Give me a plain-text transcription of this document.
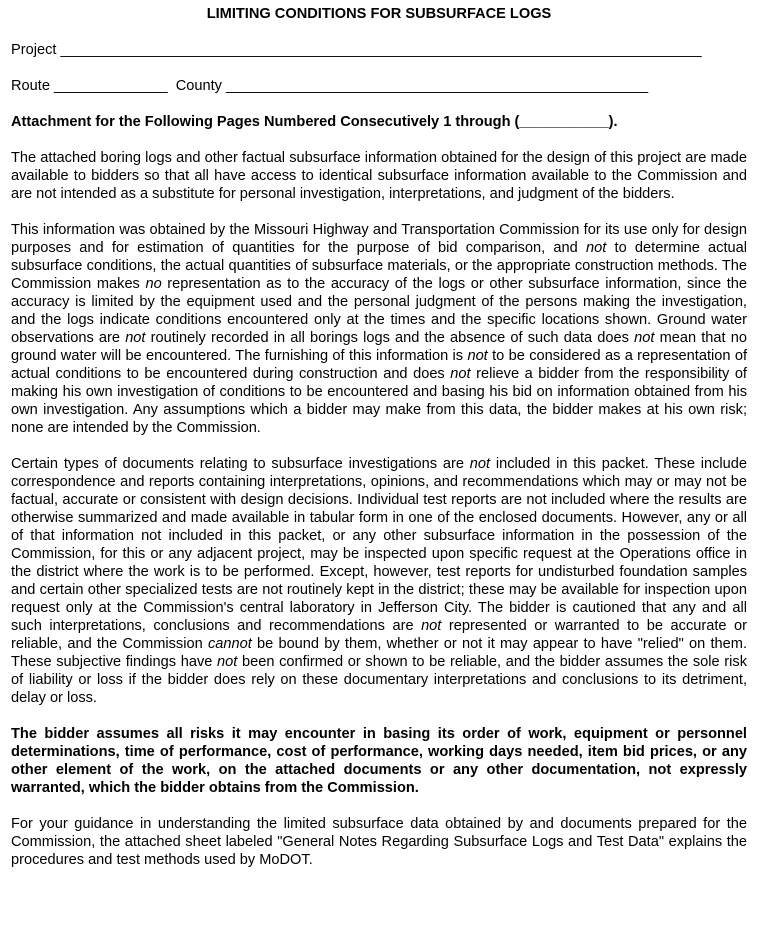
LIMITING CONDITIONS FOR SUBSURFACE LOGS
Project _______________________________________________________________________________
Route ______________  County ____________________________________________________
Attachment for the Following Pages Numbered Consecutively 1 through (___________).

The attached boring logs and other factual subsurface information obtained for the design of this project are made available to bidders so that all have access to identical subsurface information available to the Commission and are not intended as a substitute for personal investigation, interpretations, and judgment of the bidders.

This information was obtained by the Missouri Highway and Transportation Commission for its use only for design purposes and for estimation of quantities for the purpose of bid comparison, and not to determine actual subsurface conditions, the actual quantities of subsurface materials, or the appropriate construction methods. The Commission makes no representation as to the accuracy of the logs or other subsurface information, since the accuracy is limited by the equipment used and the personal judgment of the persons making the investigation, and the logs indicate conditions encountered only at the times and the specific locations shown. Ground water observations are not routinely recorded in all borings logs and the absence of such data does not mean that no ground water will be encountered. The furnishing of this information is not to be considered as a representation of actual conditions to be encountered during construction and does not relieve a bidder from the responsibility of making his own investigation of conditions to be encountered and basing his bid on information obtained from his own investigation. Any assumptions which a bidder may make from this data, the bidder makes at his own risk; none are intended by the Commission.

Certain types of documents relating to subsurface investigations are not included in this packet. These include correspondence and reports containing interpretations, opinions, and recommendations which may or may not be factual, accurate or consistent with design decisions. Individual test reports are not included where the results are otherwise summarized and made available in tabular form in one of the enclosed documents. However, any or all of that information not included in this packet, or any other subsurface information in the possession of the Commission, for this or any adjacent project, may be inspected upon specific request at the Operations office in the district where the work is to be performed. Except, however, test reports for undisturbed foundation samples and certain other specialized tests are not routinely kept in the district; these may be available for inspection upon request only at the Commission's central laboratory in Jefferson City. The bidder is cautioned that any and all such interpretations, conclusions and recommendations are not represented or warranted to be accurate or reliable, and the Commission cannot be bound by them, whether or not it may appear to have "relied" on them. These subjective findings have not been confirmed or shown to be reliable, and the bidder assumes the sole risk of liability or loss if the bidder does rely on these documentary interpretations and conclusions to its detriment, delay or loss.

The bidder assumes all risks it may encounter in basing its order of work, equipment or personnel determinations, time of performance, cost of performance, working days needed, item bid prices, or any other element of the work, on the attached documents or any other documentation, not expressly warranted, which the bidder obtains from the Commission.

For your guidance in understanding the limited subsurface data obtained by and documents prepared for the Commission, the attached sheet labeled "General Notes Regarding Subsurface Logs and Test Data" explains the procedures and test methods used by MoDOT.
